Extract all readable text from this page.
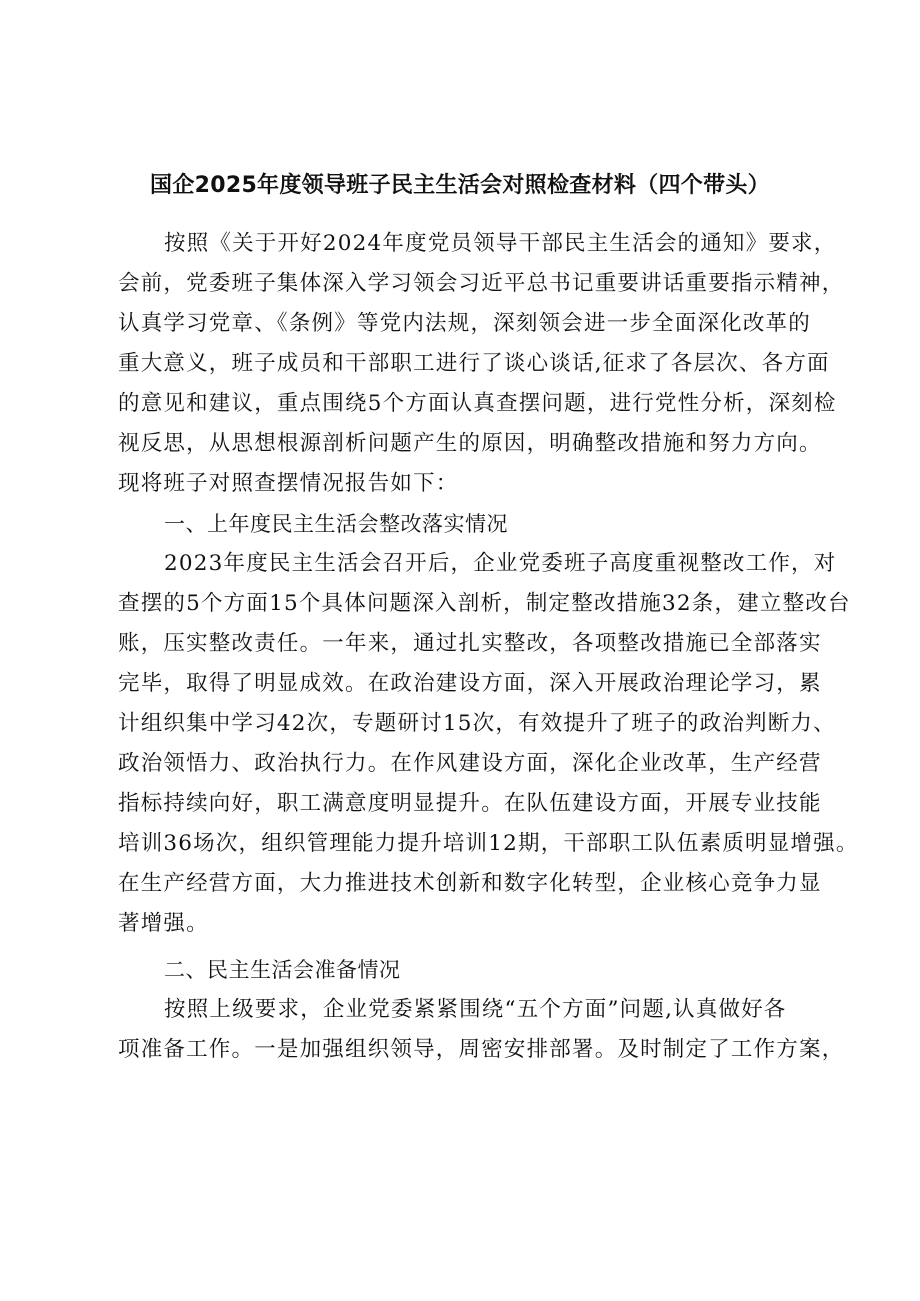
国企2025年度领导班子民主生活会对照检查材料（四个带头）
按照《关于开好2024年度党员领导干部民主生活会的通知》要求，
会前，党委班子集体深入学习领会习近平总书记重要讲话重要指示精神，
认真学习党章、《条例》等党内法规，深刻领会进一步全面深化改革的
重大意义，班子成员和干部职工进行了谈心谈话,征求了各层次、各方面
的意见和建议，重点围绕5个方面认真查摆问题，进行党性分析，深刻检
视反思，从思想根源剖析问题产生的原因，明确整改措施和努力方向。
现将班子对照查摆情况报告如下：
一、上年度民主生活会整改落实情况
2023年度民主生活会召开后，企业党委班子高度重视整改工作，对
查摆的5个方面15个具体问题深入剖析，制定整改措施32条，建立整改台
账，压实整改责任。一年来，通过扎实整改，各项整改措施已全部落实
完毕，取得了明显成效。在政治建设方面，深入开展政治理论学习，累
计组织集中学习42次，专题研讨15次，有效提升了班子的政治判断力、
政治领悟力、政治执行力。在作风建设方面，深化企业改革，生产经营
指标持续向好，职工满意度明显提升。在队伍建设方面，开展专业技能
培训36场次，组织管理能力提升培训12期，干部职工队伍素质明显增强。
在生产经营方面，大力推进技术创新和数字化转型，企业核心竞争力显
著增强。
二、民主生活会准备情况
按照上级要求，企业党委紧紧围绕“五个方面”问题,认真做好各
项准备工作。一是加强组织领导，周密安排部署。及时制定了工作方案，
